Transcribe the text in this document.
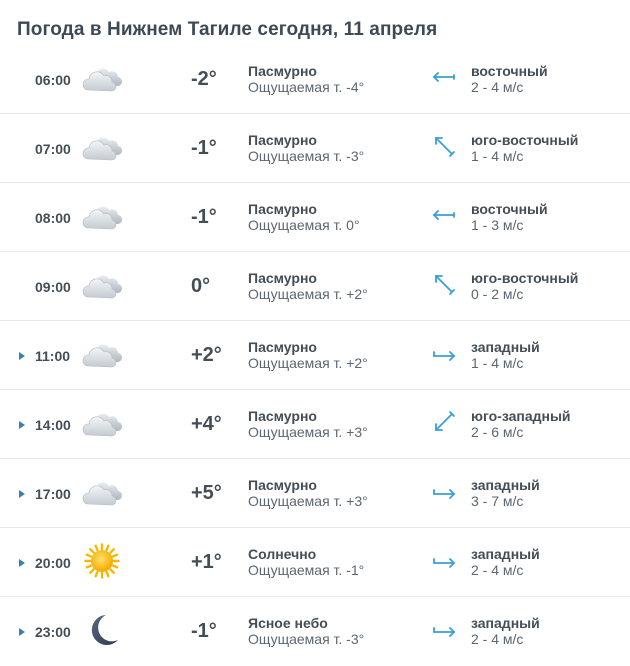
Погода в Нижнем Тагиле сегодня, 11 апреля
06:00	-2° Пасмурно
Ощущаемая т. -4°
восточный
2 - 4 м/с
07:00	-1° Пасмурно
Ощущаемая т. -3°
юго-восточный
1 - 4 м/с
08:00	-1° Пасмурно
Ощущаемая т. 0°
восточный
1 - 3 м/с
09:00	0°	Пасмурно
Ощущаемая т. +2°
юго-восточный
0 - 2 м/с
11:00	+2° Пасмурно
Ощущаемая т. +2°
западный
1 - 4 м/с
14:00	+4° Пасмурно
Ощущаемая т. +3°
юго-западный
2 - 6 м/с
17:00	+5° Пасмурно
Ощущаемая т. +3°
западный
3 - 7 м/с
20:00	+1° Солнечно
Ощущаемая т. -1°
западный
2 - 4 м/с
23:00	-1° Ясное небо
Ощущаемая т. -3°
западный
2 - 4 м/с
